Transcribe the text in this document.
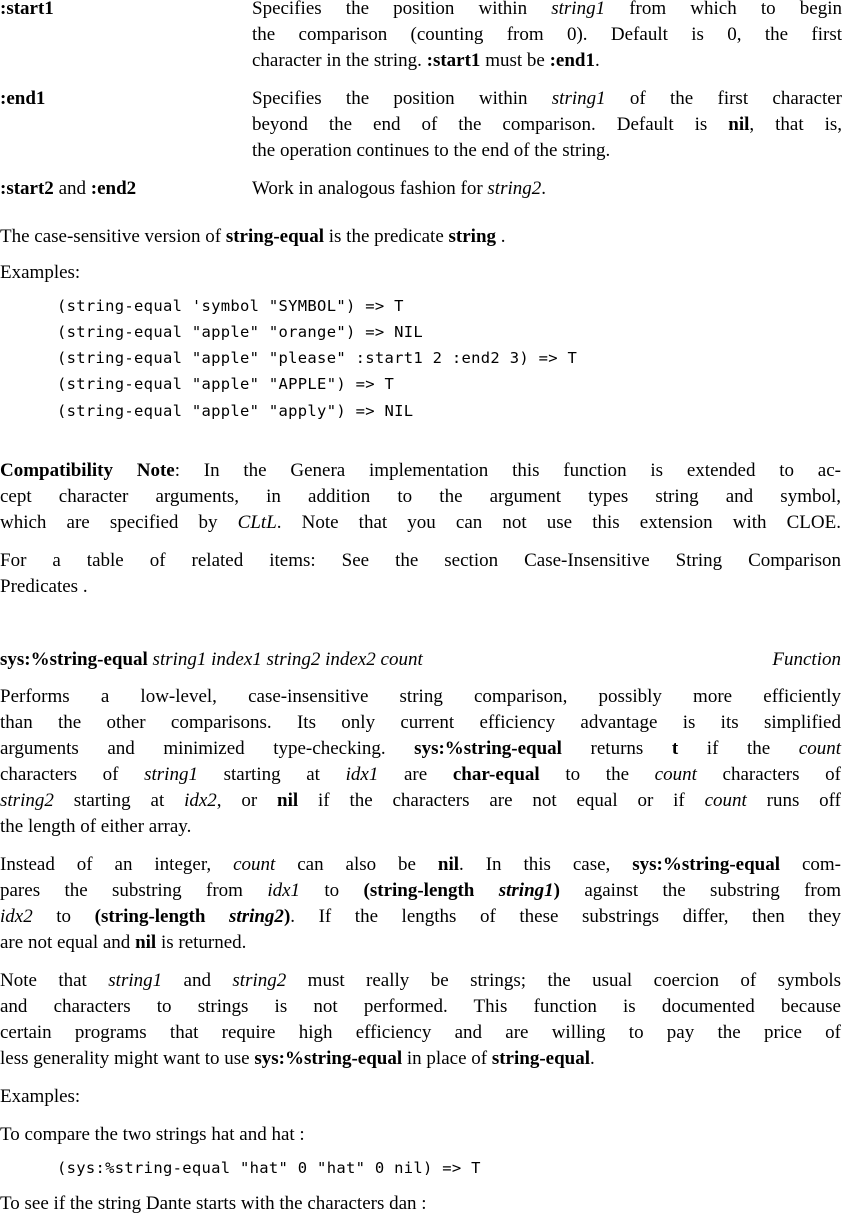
:start1	Specifies the position within string1 from which to begin
the comparison (counting from 0). Default is 0, the first
character in the string. :start1 must be :end1.
:end1	Specifies the position within string1 of the first character
beyond the end of the comparison. Default is nil, that is,
the operation continues to the end of the string.
:start2 and :end2	Work in analogous fashion for string2.
The case-sensitive version of string-equal is the predicate string .
Examples:
(string-equal 'symbol "SYMBOL") => T
(string-equal "apple" "orange") => NIL
(string-equal "apple" "please" :start1 2 :end2 3) => T
(string-equal "apple" "APPLE") => T
(string-equal "apple" "apply") => NIL
Compatibility Note: In the Genera implementation this function is extended to ac-
cept character arguments, in addition to the argument types string and symbol,
which are specified by CLtL. Note that you can not use this extension with CLOE.
For a table of related items: See the section Case-Insensitive String Comparison
Predicates .
sys:%string-equal string1 index1 string2 index2 count	Function
Performs a low-level, case-insensitive string comparison, possibly more efficiently
than the other comparisons. Its only current efficiency advantage is its simplified
arguments and minimized type-checking. sys:%string-equal returns t if the count
characters of string1 starting at idx1 are char-equal to the count characters of
string2 starting at idx2, or nil if the characters are not equal or if count runs off
the length of either array.
Instead of an integer, count can also be nil. In this case, sys:%string-equal com-
pares the substring from idx1 to (string-length string1) against the substring from
idx2 to (string-length string2). If the lengths of these substrings differ, then they
are not equal and nil is returned.
Note that string1 and string2 must really be strings; the usual coercion of symbols
and characters to strings is not performed. This function is documented because
certain programs that require high efficiency and are willing to pay the price of
less generality might want to use sys:%string-equal in place of string-equal.
Examples:
To compare the two strings hat and hat :
(sys:%string-equal "hat" 0 "hat" 0 nil) => T
To see if the string Dante starts with the characters dan :
